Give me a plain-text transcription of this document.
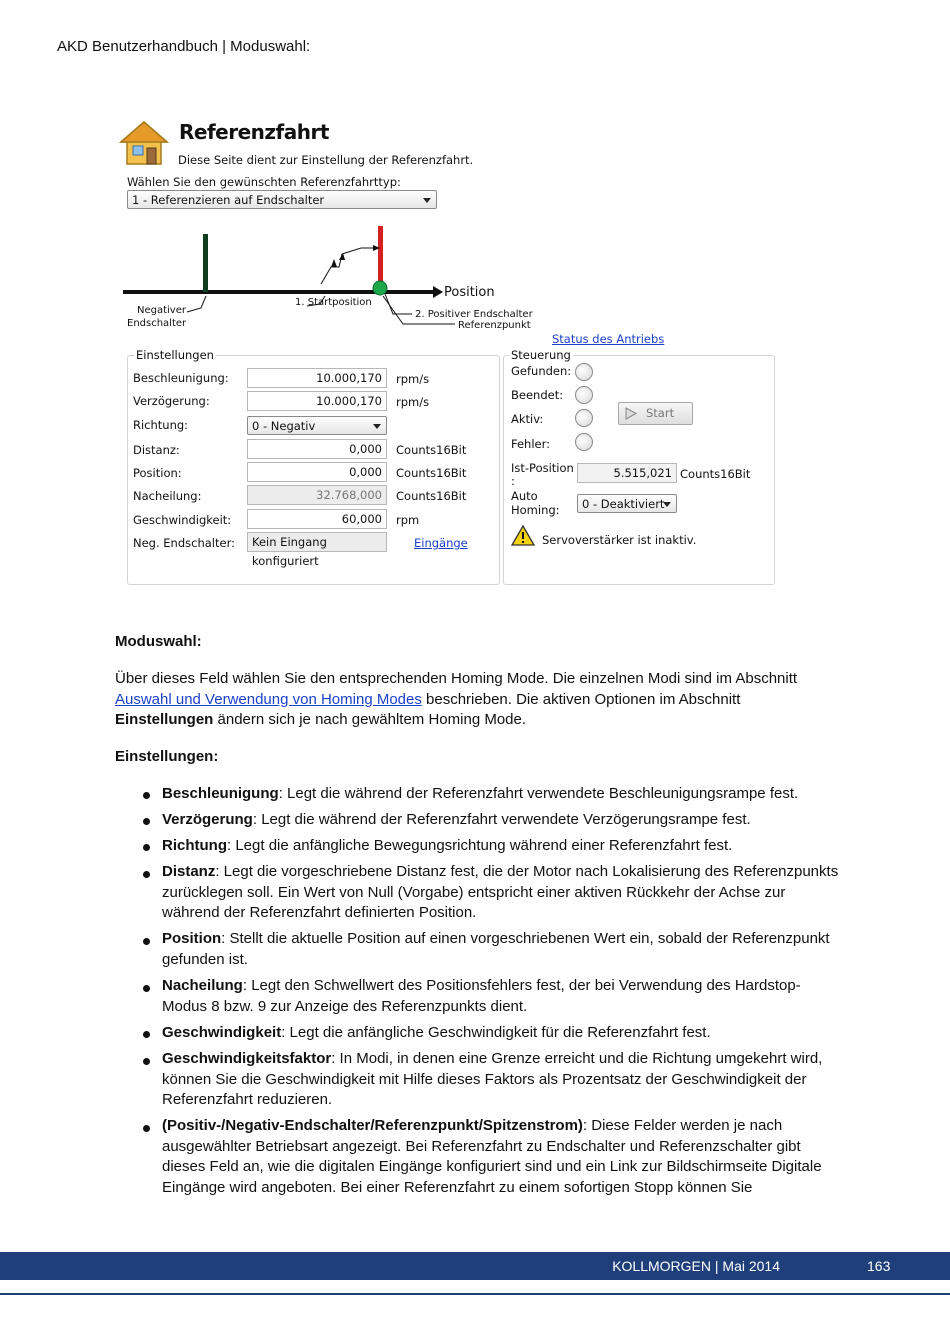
AKD Benutzerhandbuch | Moduswahl:
Referenzfahrt
Diese Seite dient zur Einstellung der Referenzfahrt.
Wählen Sie den gewünschten Referenzfahrttyp:
1 - Referenzieren auf Endschalter
Negativer
Endschalter
1. Startposition
2. Positiver Endschalter
Referenzpunkt
Position
Status des Antriebs
Einstellungen
Beschleunigung:	10.000,170	rpm/s
Verzögerung:	10.000,170	rpm/s
Richtung:	0 - Negativ
Distanz:	0,000	Counts16Bit
Position:	0,000	Counts16Bit
Nacheilung:	32.768,000	Counts16Bit
Geschwindigkeit:	60,000	rpm
Neg. Endschalter:	Kein Eingang konfiguriert
Eingänge
Steuerung
Gefunden:
Beendet:
Aktiv:
Fehler:
Start
Ist-Position
:
5.515,021 Counts16Bit
Auto
Homing:	0 - Deaktiviert
Servoverstärker ist inaktiv.
Moduswahl:
Über dieses Feld wählen Sie den entsprechenden Homing Mode. Die einzelnen Modi sind im Abschnitt Auswahl und Verwendung von Homing Modes beschrieben. Die aktiven Optionen im Abschnitt Einstellungen ändern sich je nach gewähltem Homing Mode.
Einstellungen:
Beschleunigung: Legt die während der Referenzfahrt verwendete Beschleunigungsrampe fest.
Verzögerung: Legt die während der Referenzfahrt verwendete Verzögerungsrampe fest.
Richtung: Legt die anfängliche Bewegungsrichtung während einer Referenzfahrt fest.
Distanz: Legt die vorgeschriebene Distanz fest, die der Motor nach Lokalisierung des Referenzpunkts zurücklegen soll. Ein Wert von Null (Vorgabe) entspricht einer aktiven Rückkehr der Achse zur während der Referenzfahrt definierten Position.
Position: Stellt die aktuelle Position auf einen vorgeschriebenen Wert ein, sobald der Referenzpunkt gefunden ist.
Nacheilung: Legt den Schwellwert des Positionsfehlers fest, der bei Verwendung des Hardstop-Modus 8 bzw. 9 zur Anzeige des Referenzpunkts dient.
Geschwindigkeit: Legt die anfängliche Geschwindigkeit für die Referenzfahrt fest.
Geschwindigkeitsfaktor: In Modi, in denen eine Grenze erreicht und die Richtung umgekehrt wird, können Sie die Geschwindigkeit mit Hilfe dieses Faktors als Prozentsatz der Geschwindigkeit der Referenzfahrt reduzieren.
(Positiv-/Negativ-Endschalter/Referenzpunkt/Spitzenstrom): Diese Felder werden je nach ausgewählter Betriebsart angezeigt. Bei Referenzfahrt zu Endschalter und Referenzschalter gibt dieses Feld an, wie die digitalen Eingänge konfiguriert sind und ein Link zur Bildschirmseite Digitale Eingänge wird angeboten. Bei einer Referenzfahrt zu einem sofortigen Stopp können Sie
KOLLMORGEN | Mai 2014	163
